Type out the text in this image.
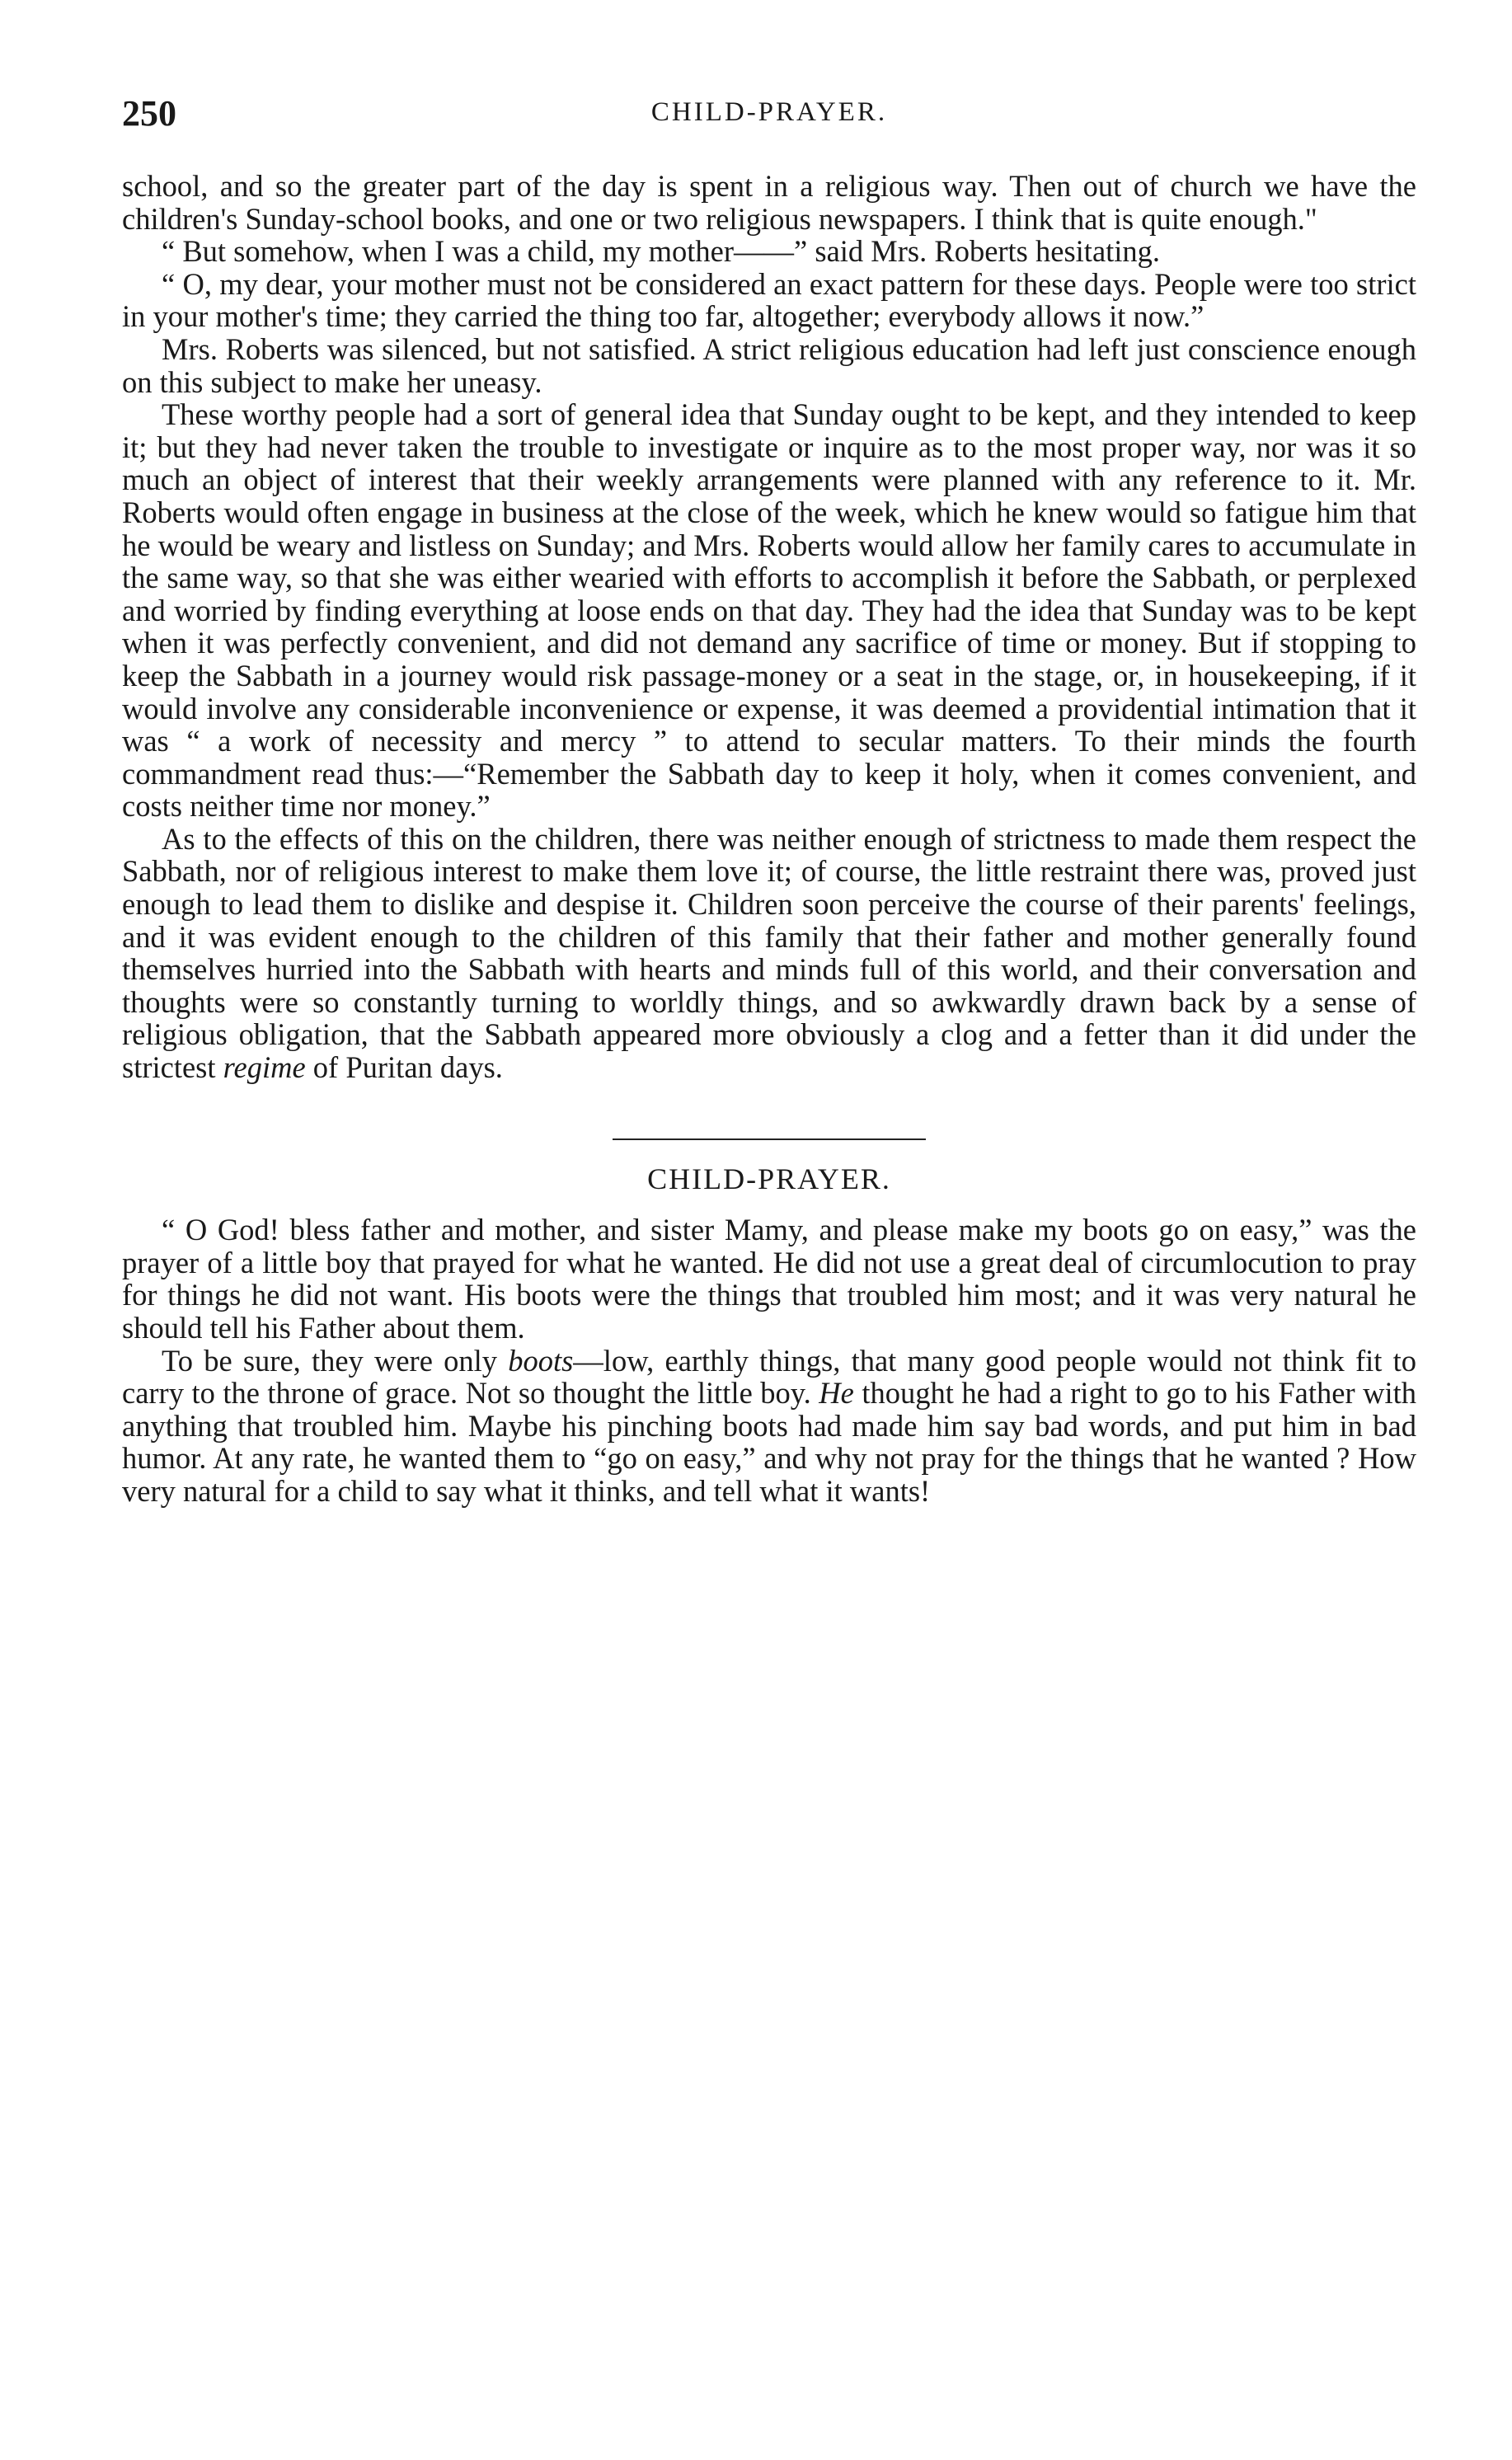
250	CHILD-PRAYER.

school, and so the greater part of the day is spent in a religious way. Then out of church we have the children's Sunday-school books, and one or two religious newspapers. I think that is quite enough."

“ But somehow, when I was a child, my mother——” said Mrs. Roberts hesitating.

“ O, my dear, your mother must not be considered an exact pattern for these days. People were too strict in your mother's time; they carried the thing too far, altogether; everybody allows it now.”

Mrs. Roberts was silenced, but not satisfied. A strict religious education had left just conscience enough on this subject to make her uneasy.

These worthy people had a sort of general idea that Sunday ought to be kept, and they intended to keep it; but they had never taken the trouble to investigate or inquire as to the most proper way, nor was it so much an object of interest that their weekly arrangements were planned with any reference to it. Mr. Roberts would often engage in business at the close of the week, which he knew would so fatigue him that he would be weary and listless on Sunday; and Mrs. Roberts would allow her family cares to accumulate in the same way, so that she was either wearied with efforts to accomplish it before the Sabbath, or perplexed and worried by finding everything at loose ends on that day. They had the idea that Sunday was to be kept when it was perfectly convenient, and did not demand any sacrifice of time or money. But if stopping to keep the Sabbath in a journey would risk passage-money or a seat in the stage, or, in housekeeping, if it would involve any considerable inconvenience or expense, it was deemed a providential intimation that it was “ a work of necessity and mercy ” to attend to secular matters. To their minds the fourth commandment read thus:—“Remember the Sabbath day to keep it holy, when it comes convenient, and costs neither time nor money.”

As to the effects of this on the children, there was neither enough of strictness to made them respect the Sabbath, nor of religious interest to make them love it; of course, the little restraint there was, proved just enough to lead them to dislike and despise it. Children soon perceive the course of their parents' feelings, and it was evident enough to the children of this family that their father and mother generally found themselves hurried into the Sabbath with hearts and minds full of this world, and their conversation and thoughts were so constantly turning to worldly things, and so awkwardly drawn back by a sense of religious obligation, that the Sabbath appeared more obviously a clog and a fetter than it did under the strictest regime of Puritan days.

CHILD-PRAYER.

“ O God! bless father and mother, and sister Mamy, and please make my boots go on easy,” was the prayer of a little boy that prayed for what he wanted. He did not use a great deal of circumlocution to pray for things he did not want. His boots were the things that troubled him most; and it was very natural he should tell his Father about them.

To be sure, they were only boots—low, earthly things, that many good people would not think fit to carry to the throne of grace. Not so thought the little boy. He thought he had a right to go to his Father with anything that troubled him. Maybe his pinching boots had made him say bad words, and put him in bad humor. At any rate, he wanted them to “go on easy,” and why not pray for the things that he wanted ? How very natural for a child to say what it thinks, and tell what it wants!
